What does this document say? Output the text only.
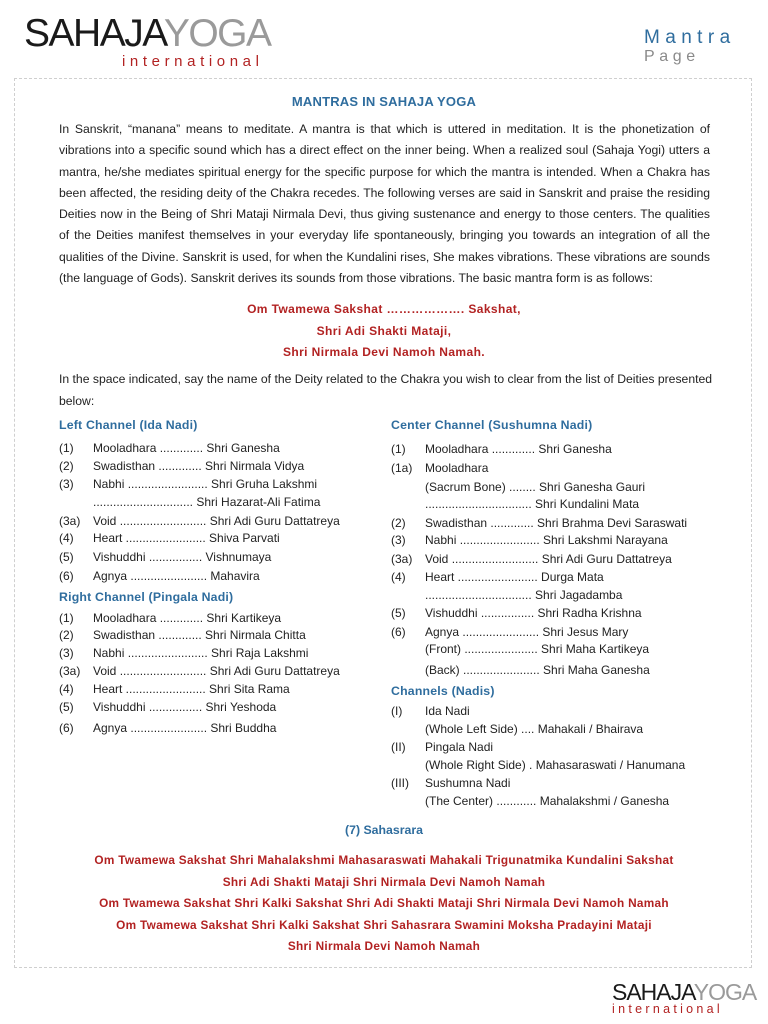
SAHAJAYOGA
international
Mantra
Page
MANTRAS IN SAHAJA YOGA
In Sanskrit, “manana” means to meditate. A mantra is that which is uttered in meditation. It is the phonetization of vibrations into a specific sound which has a direct effect on the inner being. When a realized soul (Sahaja Yogi) utters a mantra, he/she mediates spiritual energy for the specific purpose for which the mantra is intended. When a Chakra has been affected, the residing deity of the Chakra recedes. The following verses are said in Sanskrit and praise the residing Deities now in the Being of Shri Mataji Nirmala Devi, thus giving sustenance and energy to those centers. The qualities of the Deities manifest themselves in your everyday life spontaneously, bringing you towards an integration of all the qualities of the Divine. Sanskrit is used, for when the Kundalini rises, She makes vibrations. These vibrations are sounds (the language of Gods). Sanskrit derives its sounds from those vibrations. The basic mantra form is as follows:
Om Twamewa Sakshat ………………. Sakshat,
Shri Adi Shakti Mataji,
Shri Nirmala Devi Namoh Namah.
In the space indicated, say the name of the Deity related to the Chakra you wish to clear from the list of Deities presented below:
Left Channel (Ida Nadi)
(1) Mooladhara ............. Shri Ganesha
(2) Swadisthan ............. Shri Nirmala Vidya
(3) Nabhi ........................ Shri Gruha Lakshmi
.............................. Shri Hazarat-Ali Fatima
(3a) Void .......................... Shri Adi Guru Dattatreya
(4) Heart ........................ Shiva Parvati
(5) Vishuddhi ................ Vishnumaya
(6) Agnya ....................... Mahavira
Right Channel (Pingala Nadi)
(1) Mooladhara ............. Shri Kartikeya
(2) Swadisthan ............. Shri Nirmala Chitta
(3) Nabhi ........................ Shri Raja Lakshmi
(3a) Void .......................... Shri Adi Guru Dattatreya
(4) Heart ........................ Shri Sita Rama
(5) Vishuddhi ................ Shri Yeshoda
(6) Agnya ....................... Shri Buddha
Center Channel (Sushumna Nadi)
(1) Mooladhara ............. Shri Ganesha
(1a) Mooladhara
(Sacrum Bone) ........ Shri Ganesha Gauri
................................ Shri Kundalini Mata
(2) Swadisthan ............. Shri Brahma Devi Saraswati
(3) Nabhi ........................ Shri Lakshmi Narayana
(3a) Void .......................... Shri Adi Guru Dattatreya
(4) Heart ........................ Durga Mata
................................ Shri Jagadamba
(5) Vishuddhi ................ Shri Radha Krishna
(6) Agnya ....................... Shri Jesus Mary
(Front) ...................... Shri Maha Kartikeya
(Back) ....................... Shri Maha Ganesha
Channels (Nadis)
(I) Ida Nadi
(Whole Left Side) .... Mahakali / Bhairava
(II) Pingala Nadi
(Whole Right Side) . Mahasaraswati / Hanumana
(III) Sushumna Nadi
(The Center) ............ Mahalakshmi / Ganesha
(7) Sahasrara
Om Twamewa Sakshat Shri Mahalakshmi Mahasaraswati Mahakali Trigunatmika Kundalini Sakshat
Shri Adi Shakti Mataji Shri Nirmala Devi Namoh Namah
Om Twamewa Sakshat Shri Kalki Sakshat Shri Adi Shakti Mataji Shri Nirmala Devi Namoh Namah
Om Twamewa Sakshat Shri Kalki Sakshat Shri Sahasrara Swamini Moksha Pradayini Mataji
Shri Nirmala Devi Namoh Namah
SAHAJAYOGA
international
